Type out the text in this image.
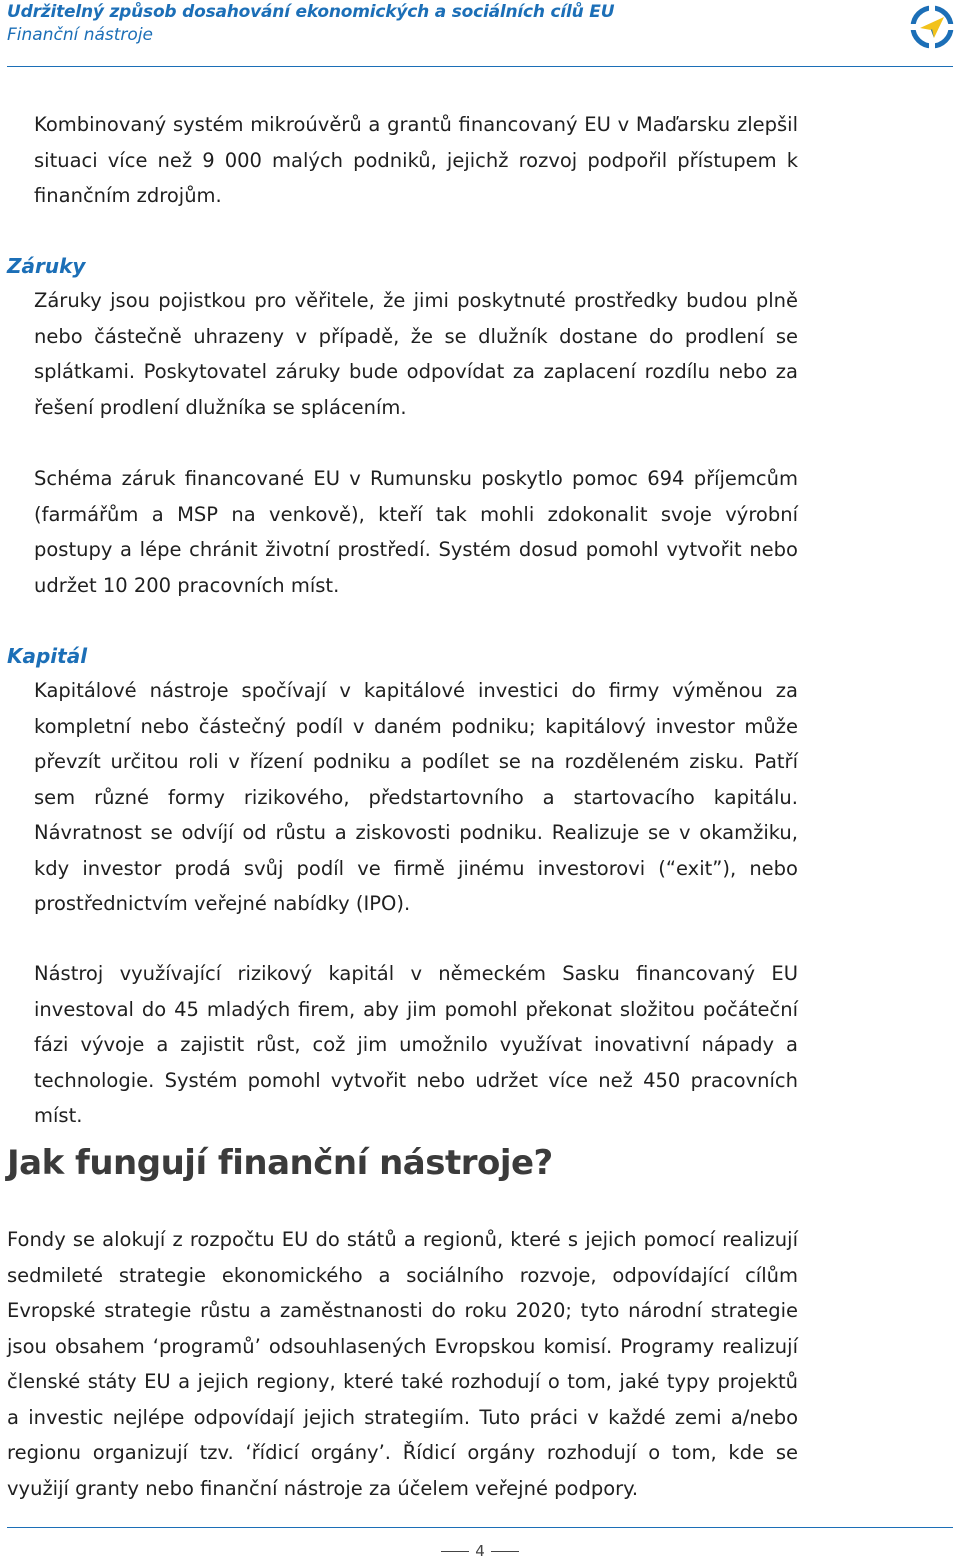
Udržitelný způsob dosahování ekonomických a sociálních cílů EU
Finanční nástroje

Kombinovaný systém mikroúvěrů a grantů financovaný EU v Maďarsku zlepšil situaci více než 9 000 malých podniků, jejichž rozvoj podpořil přístupem k finančním zdrojům.

Záruky

Záruky jsou pojistkou pro věřitele, že jimi poskytnuté prostředky budou plně nebo částečně uhrazeny v případě, že se dlužník dostane do prodlení se splátkami. Poskytovatel záruky bude odpovídat za zaplacení rozdílu nebo za řešení prodlení dlužníka se splácením.

Schéma záruk financované EU v Rumunsku poskytlo pomoc 694 příjemcům (farmářům a MSP na venkově), kteří tak mohli zdokonalit svoje výrobní postupy a lépe chránit životní prostředí. Systém dosud pomohl vytvořit nebo udržet 10 200 pracovních míst.

Kapitál

Kapitálové nástroje spočívají v kapitálové investici do firmy výměnou za kompletní nebo částečný podíl v daném podniku; kapitálový investor může převzít určitou roli v řízení podniku a podílet se na rozděleném zisku. Patří sem různé formy rizikového, předstartovního a startovacího kapitálu. Návratnost se odvíjí od růstu a ziskovosti podniku. Realizuje se v okamžiku, kdy investor prodá svůj podíl ve firmě jinému investorovi (“exit”), nebo prostřednictvím veřejné nabídky (IPO).

Nástroj využívající rizikový kapitál v německém Sasku financovaný EU investoval do 45 mladých firem, aby jim pomohl překonat složitou počáteční fázi vývoje a zajistit růst, což jim umožnilo využívat inovativní nápady a technologie. Systém pomohl vytvořit nebo udržet více než 450 pracovních míst.

Jak fungují finanční nástroje?

Fondy se alokují z rozpočtu EU do států a regionů, které s jejich pomocí realizují sedmileté strategie ekonomického a sociálního rozvoje, odpovídající cílům Evropské strategie růstu a zaměstnanosti do roku 2020; tyto národní strategie jsou obsahem ‘programů’ odsouhlasených Evropskou komisí. Programy realizují členské státy EU a jejich regiony, které také rozhodují o tom, jaké typy projektů a investic nejlépe odpovídají jejich strategiím. Tuto práci v každé zemi a/nebo regionu organizují tzv. ‘řídicí orgány’. Řídicí orgány rozhodují o tom, kde se využijí granty nebo finanční nástroje za účelem veřejné podpory.

4
